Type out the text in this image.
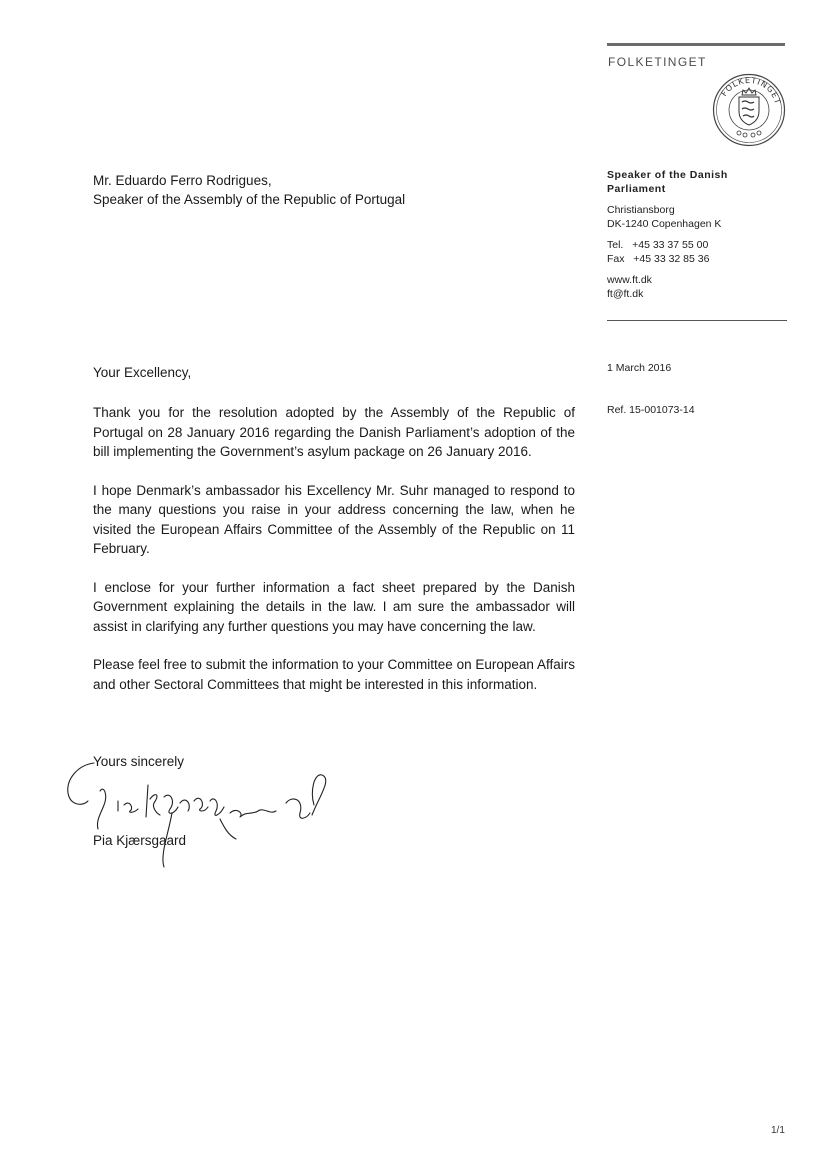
FOLKETINGET
FOLKETINGET
Mr. Eduardo Ferro Rodrigues,
Speaker of the Assembly of the Republic of Portugal
Speaker of the Danish
Parliament
Christiansborg
DK-1240 Copenhagen K
Tel.   +45 33 37 55 00
Fax   +45 33 32 85 36
www.ft.dk
ft@ft.dk
1 March 2016
Ref. 15-001073-14
Your Excellency,

Thank you for the resolution adopted by the Assembly of the Republic of Portugal on 28 January 2016 regarding the Danish Parliament’s adoption of the bill implementing the Government’s asylum package on 26 January 2016.

I hope Denmark’s ambassador his Excellency Mr. Suhr managed to respond to the many questions you raise in your address concerning the law, when he visited the European Affairs Committee of the Assembly of the Republic on 11 February.

I enclose for your further information a fact sheet prepared by the Danish Government explaining the details in the law. I am sure the ambassador will assist in clarifying any further questions you may have concerning the law.

Please feel free to submit the information to your Committee on European Affairs and other Sectoral Committees that might be interested in this information.

Yours sincerely
Pia Kjærsgaard
1/1
